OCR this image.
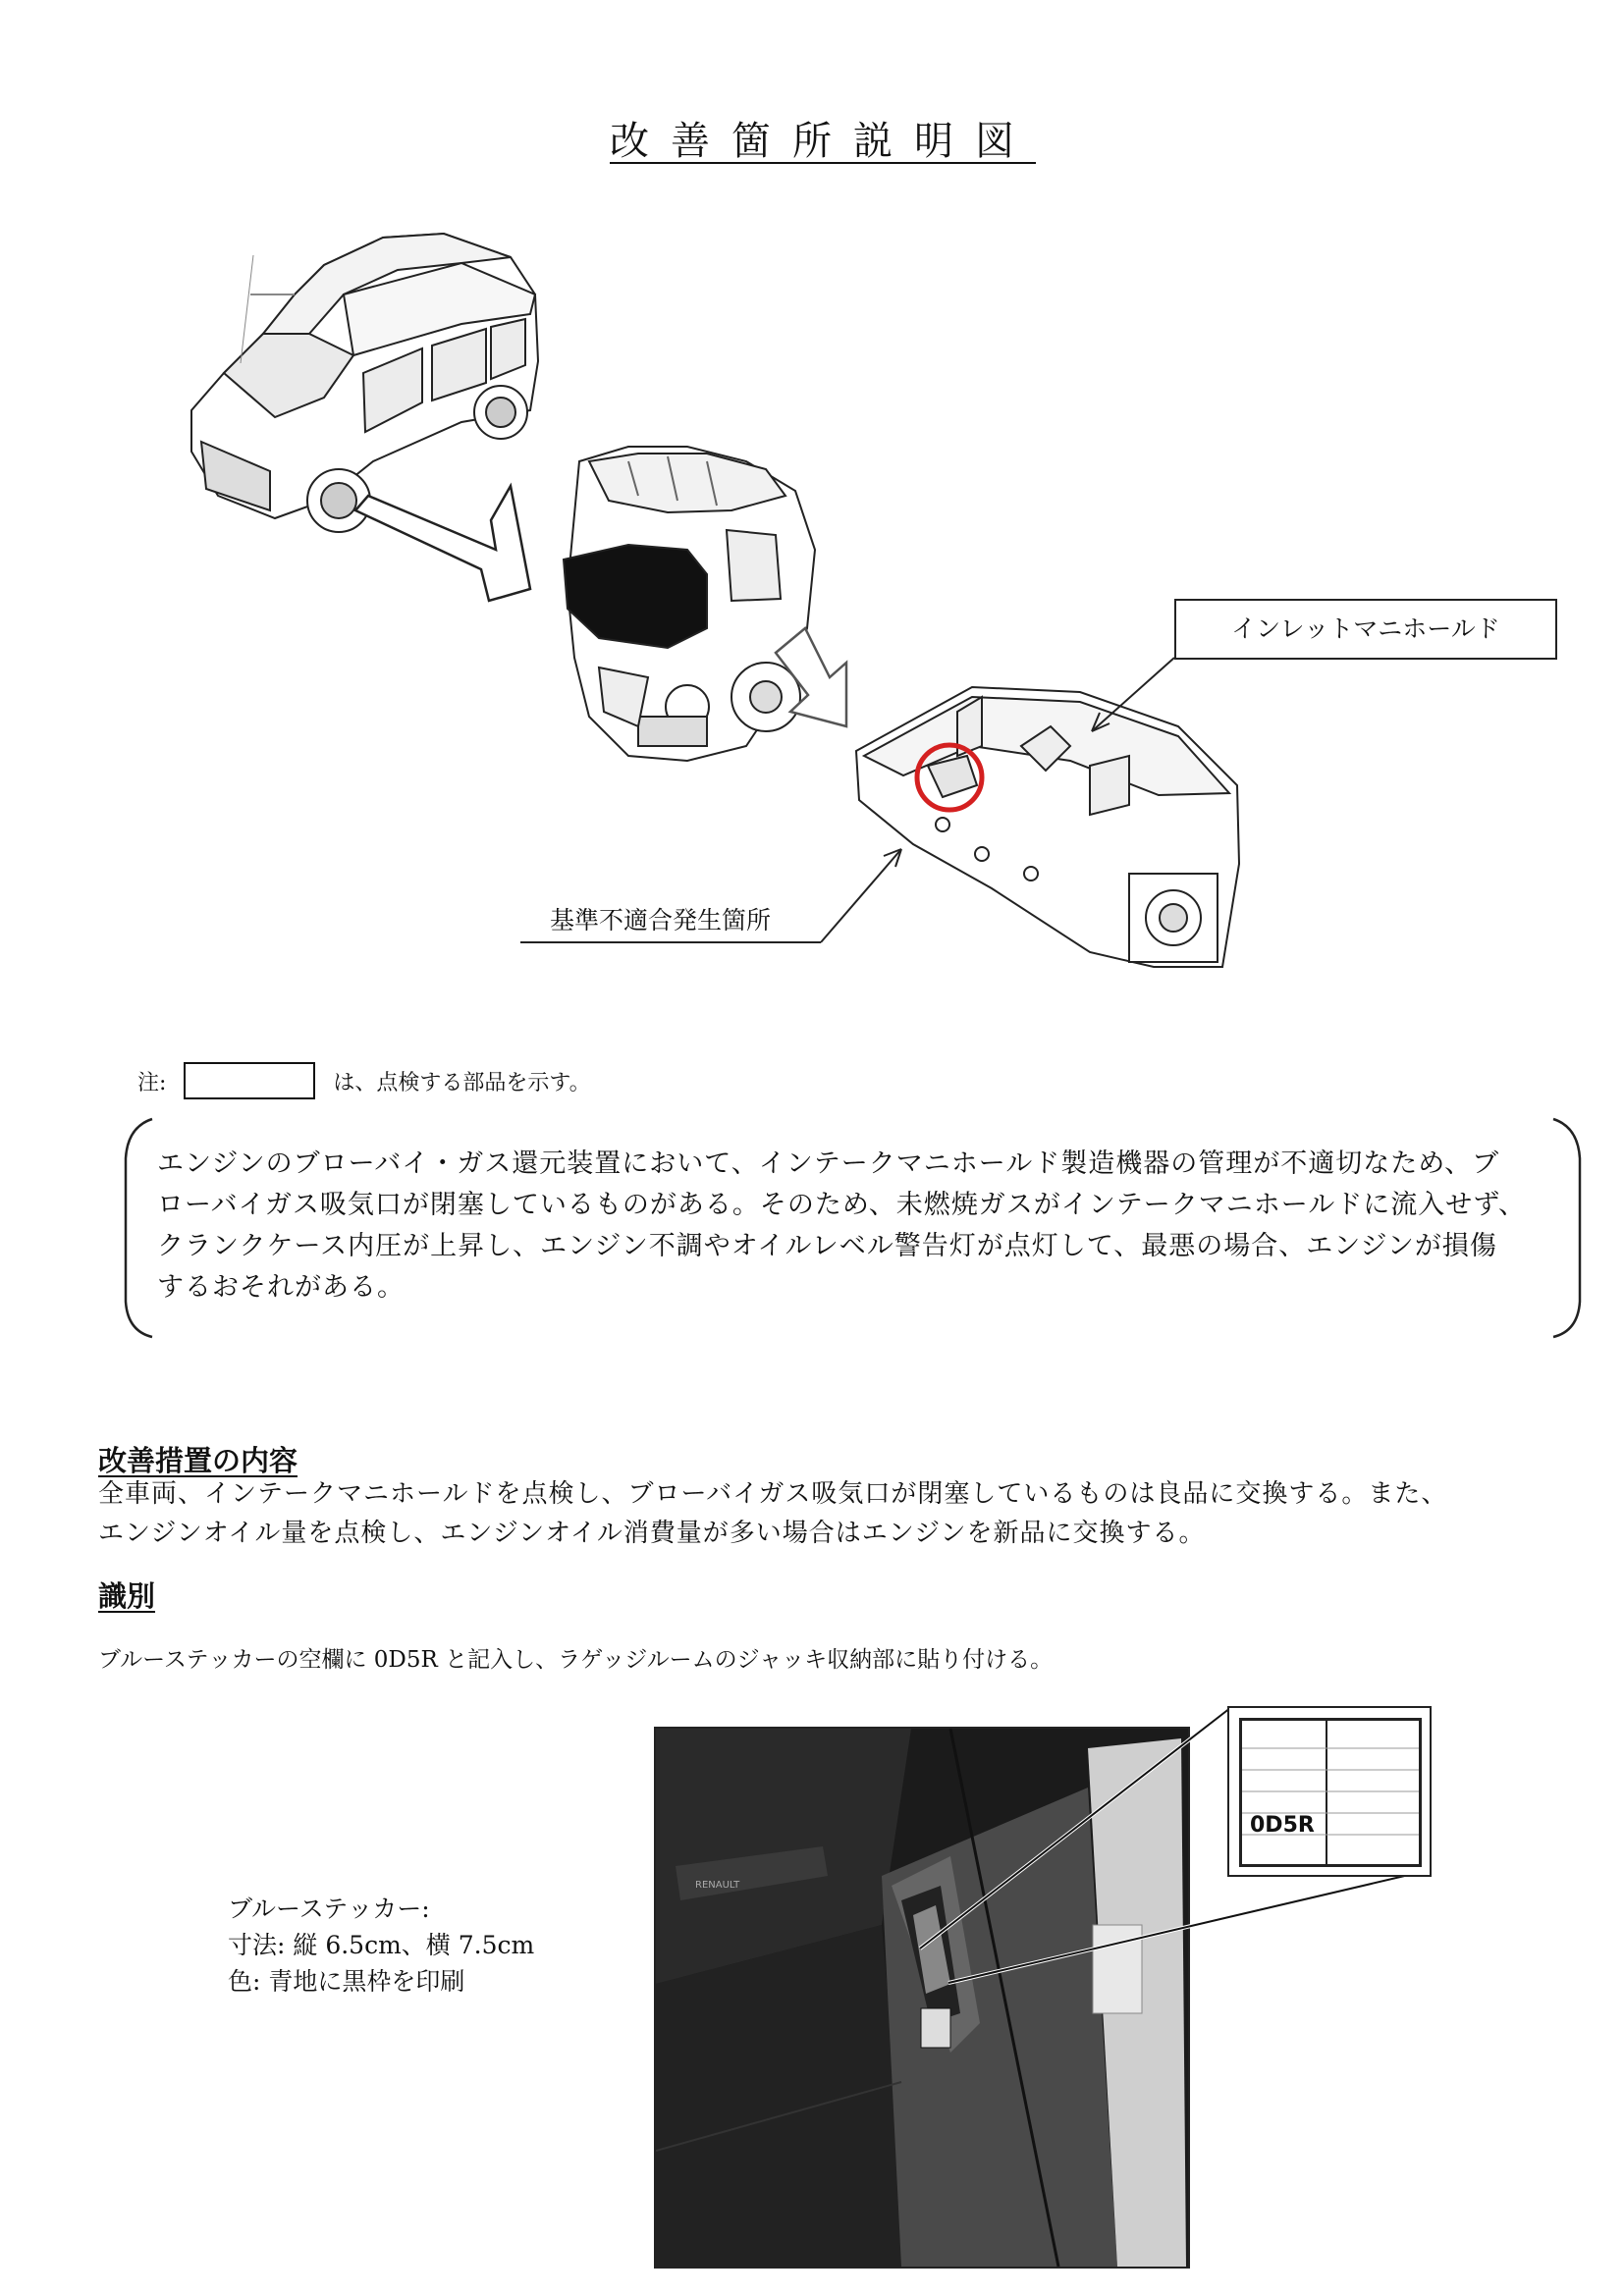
改善箇所説明図
インレットマニホールド
基準不適合発生箇所
注:	は、点検する部品を示す。
エンジンのブローバイ・ガス還元装置において、インテークマニホールド製造機器の管理が不適切なため、ブ
ローバイガス吸気口が閉塞しているものがある。そのため、未燃焼ガスがインテークマニホールドに流入せず、
クランクケース内圧が上昇し、エンジン不調やオイルレベル警告灯が点灯して、最悪の場合、エンジンが損傷
するおそれがある。
改善措置の内容
全車両、インテークマニホールドを点検し、ブローバイガス吸気口が閉塞しているものは良品に交換する。また、
エンジンオイル量を点検し、エンジンオイル消費量が多い場合はエンジンを新品に交換する。
識別
ブルーステッカーの空欄に 0D5R と記入し、ラゲッジルームのジャッキ収納部に貼り付ける。
ブルーステッカー:
寸法: 縦 6.5cm、横 7.5cm
色: 青地に黒枠を印刷
RENAULT
0D5R
